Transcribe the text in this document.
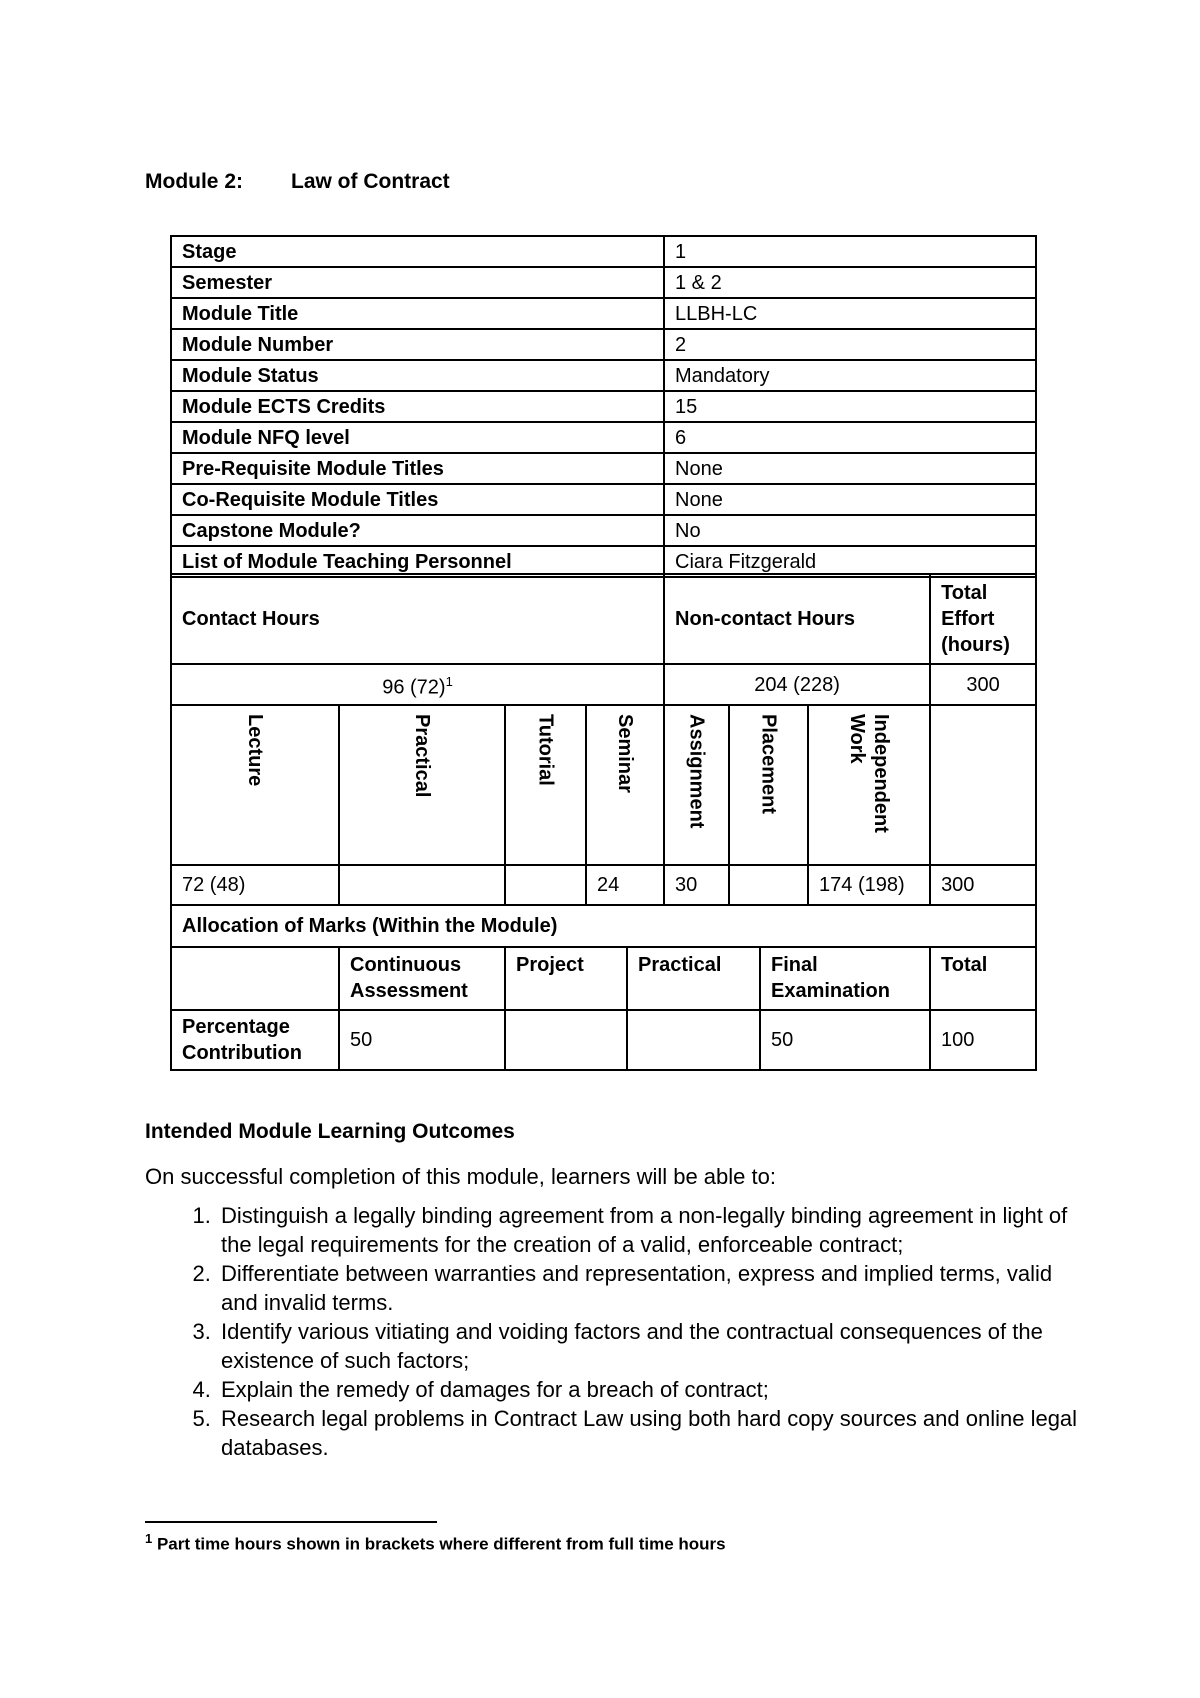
Module 2: Law of Contract
Stage	1
Semester	1 & 2
Module Title	LLBH-LC
Module Number	2
Module Status	Mandatory
Module ECTS Credits	15
Module NFQ level	6
Pre-Requisite Module Titles	None
Co-Requisite Module Titles	None
Capstone Module?	No
List of Module Teaching Personnel	Ciara Fitzgerald
Contact Hours				Non-contact Hours			Total
Effort
(hours)

96 $(72)^1$				204 (228)			300

Lecture	Practical	Tutorial	Seminar	Assignment	Placement	Independent Work	

72 (48)			24	30		174 (198)	300
Allocation of Marks (Within the Module)					
	Continuous Assessment	Project	Practical	Final Examination	Total
Percentage Contribution	50			50	100
Intended Module Learning Outcomes
On successful completion of this module, learners will be able to:
1. Distinguish a legally binding agreement from a non-legally binding agreement in light of the legal requirements for the creation of a valid, enforceable contract;
2. Differentiate between warranties and representation, express and implied terms, valid and invalid terms.
3. Identify various vitiating and voiding factors and the contractual consequences of the existence of such factors;
4. Explain the remedy of damages for a breach of contract;
5. Research legal problems in Contract Law using both hard copy sources and online legal databases.
$^1$ Part time hours shown in brackets where different from full time hours
